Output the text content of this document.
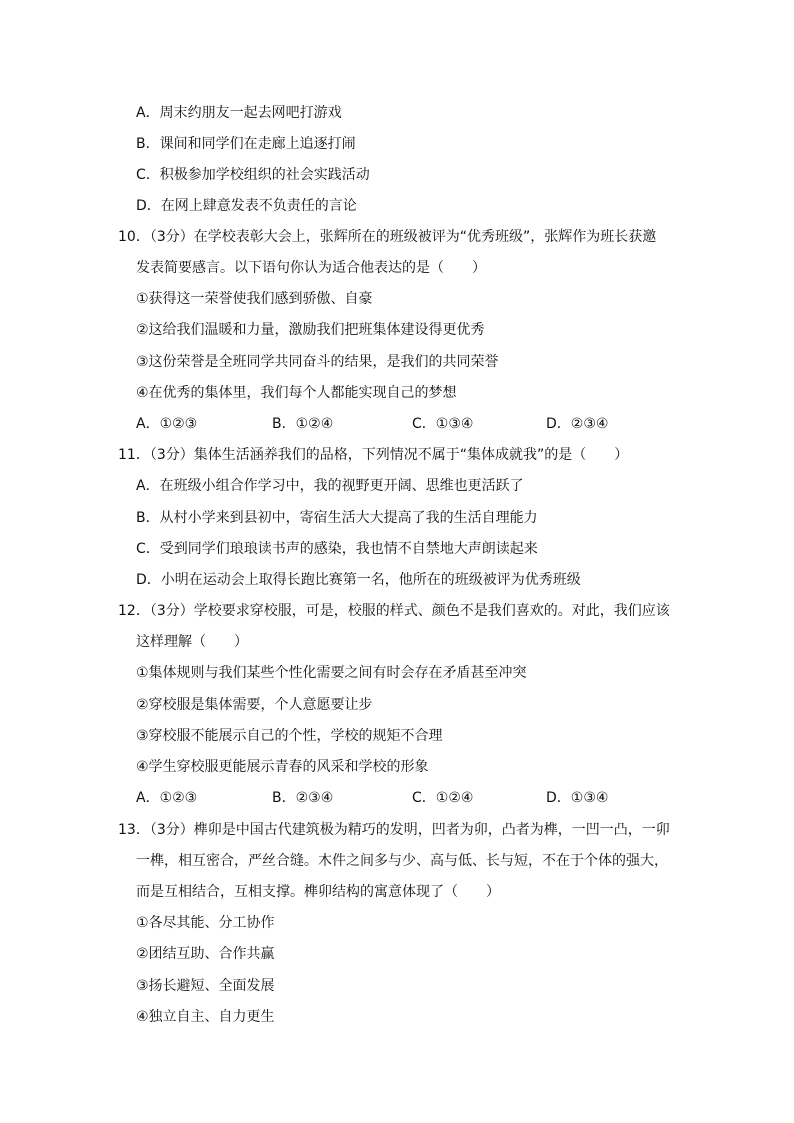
A．周末约朋友一起去网吧打游戏
B．课间和同学们在走廊上追逐打闹
C．积极参加学校组织的社会实践活动
D．在网上肆意发表不负责任的言论
10．（3分）在学校表彰大会上，张辉所在的班级被评为“优秀班级”，张辉作为班长获邀
发表简要感言。以下语句你认为适合他表达的是（　　）
①获得这一荣誉使我们感到骄傲、自豪
②这给我们温暖和力量，激励我们把班集体建设得更优秀
③这份荣誉是全班同学共同奋斗的结果，是我们的共同荣誉
④在优秀的集体里，我们每个人都能实现自己的梦想
A．①②③	B．①②④	C．①③④	D．②③④
11．（3分）集体生活涵养我们的品格，下列情况不属于“集体成就我”的是（　　）
A．在班级小组合作学习中，我的视野更开阔、思维也更活跃了
B．从村小学来到县初中，寄宿生活大大提高了我的生活自理能力
C．受到同学们琅琅读书声的感染，我也情不自禁地大声朗读起来
D．小明在运动会上取得长跑比赛第一名，他所在的班级被评为优秀班级
12．（3分）学校要求穿校服，可是，校服的样式、颜色不是我们喜欢的。对此，我们应该
这样理解（　　）
①集体规则与我们某些个性化需要之间有时会存在矛盾甚至冲突
②穿校服是集体需要，个人意愿要让步
③穿校服不能展示自己的个性，学校的规矩不合理
④学生穿校服更能展示青春的风采和学校的形象
A．①②③	B．②③④	C．①②④	D．①③④
13．（3分）榫卯是中国古代建筑极为精巧的发明，凹者为卯，凸者为榫，一凹一凸，一卯
一榫，相互密合，严丝合缝。木件之间多与少、高与低、长与短，不在于个体的强大，
而是互相结合，互相支撑。榫卯结构的寓意体现了（　　）
①各尽其能、分工协作
②团结互助、合作共赢
③扬长避短、全面发展
④独立自主、自力更生
